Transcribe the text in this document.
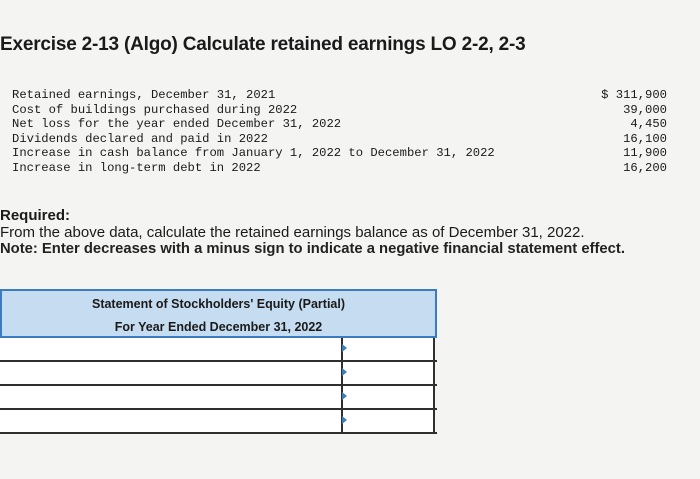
Exercise 2-13 (Algo) Calculate retained earnings LO 2-2, 2-3
Retained earnings, December 31, 2021	$ 311,900
Cost of buildings purchased during 2022	39,000
Net loss for the year ended December 31, 2022	4,450
Dividends declared and paid in 2022	16,100
Increase in cash balance from January 1, 2022 to December 31, 2022	11,900
Increase in long-term debt in 2022	16,200
Required:
From the above data, calculate the retained earnings balance as of December 31, 2022.
Note: Enter decreases with a minus sign to indicate a negative financial statement effect.
Statement of Stockholders' Equity (Partial)
For Year Ended December 31, 2022
